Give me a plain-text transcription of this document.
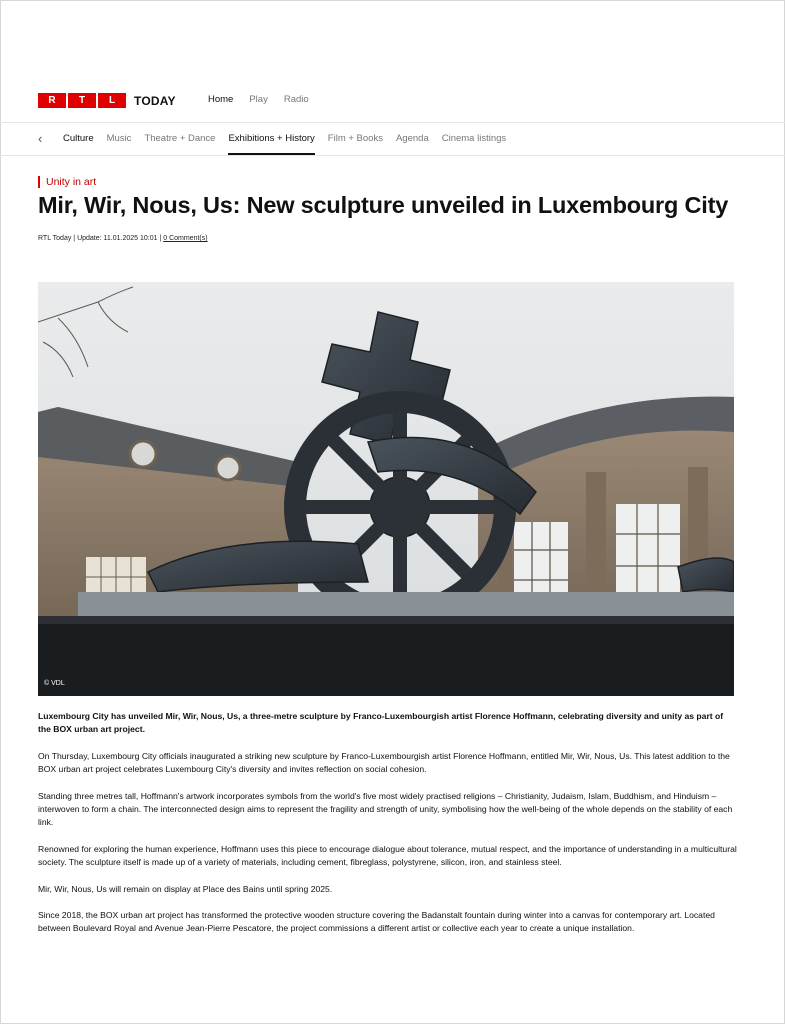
R	T	L	TODAY	Home Play Radio
‹ Culture Music Theatre + Dance Exhibitions + History Film + Books Agenda Cinema listings
Unity in art
Mir, Wir, Nous, Us: New sculpture unveiled in Luxembourg City
RTL Today | Update: 11.01.2025 10:01 | 0 Comment(s)
© VDL

Luxembourg City has unveiled Mir, Wir, Nous, Us, a three-metre sculpture by Franco-Luxembourgish artist Florence Hoffmann, celebrating diversity and unity as part of the BOX urban art project.

On Thursday, Luxembourg City officials inaugurated a striking new sculpture by Franco-Luxembourgish artist Florence Hoffmann, entitled Mir, Wir, Nous, Us. This latest addition to the BOX urban art project celebrates Luxembourg City's diversity and invites reflection on social cohesion.

Standing three metres tall, Hoffmann's artwork incorporates symbols from the world's five most widely practised religions – Christianity, Judaism, Islam, Buddhism, and Hinduism – interwoven to form a chain. The interconnected design aims to represent the fragility and strength of unity, symbolising how the well-being of the whole depends on the stability of each link.

Renowned for exploring the human experience, Hoffmann uses this piece to encourage dialogue about tolerance, mutual respect, and the importance of understanding in a multicultural society. The sculpture itself is made up of a variety of materials, including cement, fibreglass, polystyrene, silicon, iron, and stainless steel.

Mir, Wir, Nous, Us will remain on display at Place des Bains until spring 2025.

Since 2018, the BOX urban art project has transformed the protective wooden structure covering the Badanstalt fountain during winter into a canvas for contemporary art. Located between Boulevard Royal and Avenue Jean-Pierre Pescatore, the project commissions a different artist or collective each year to create a unique installation.
